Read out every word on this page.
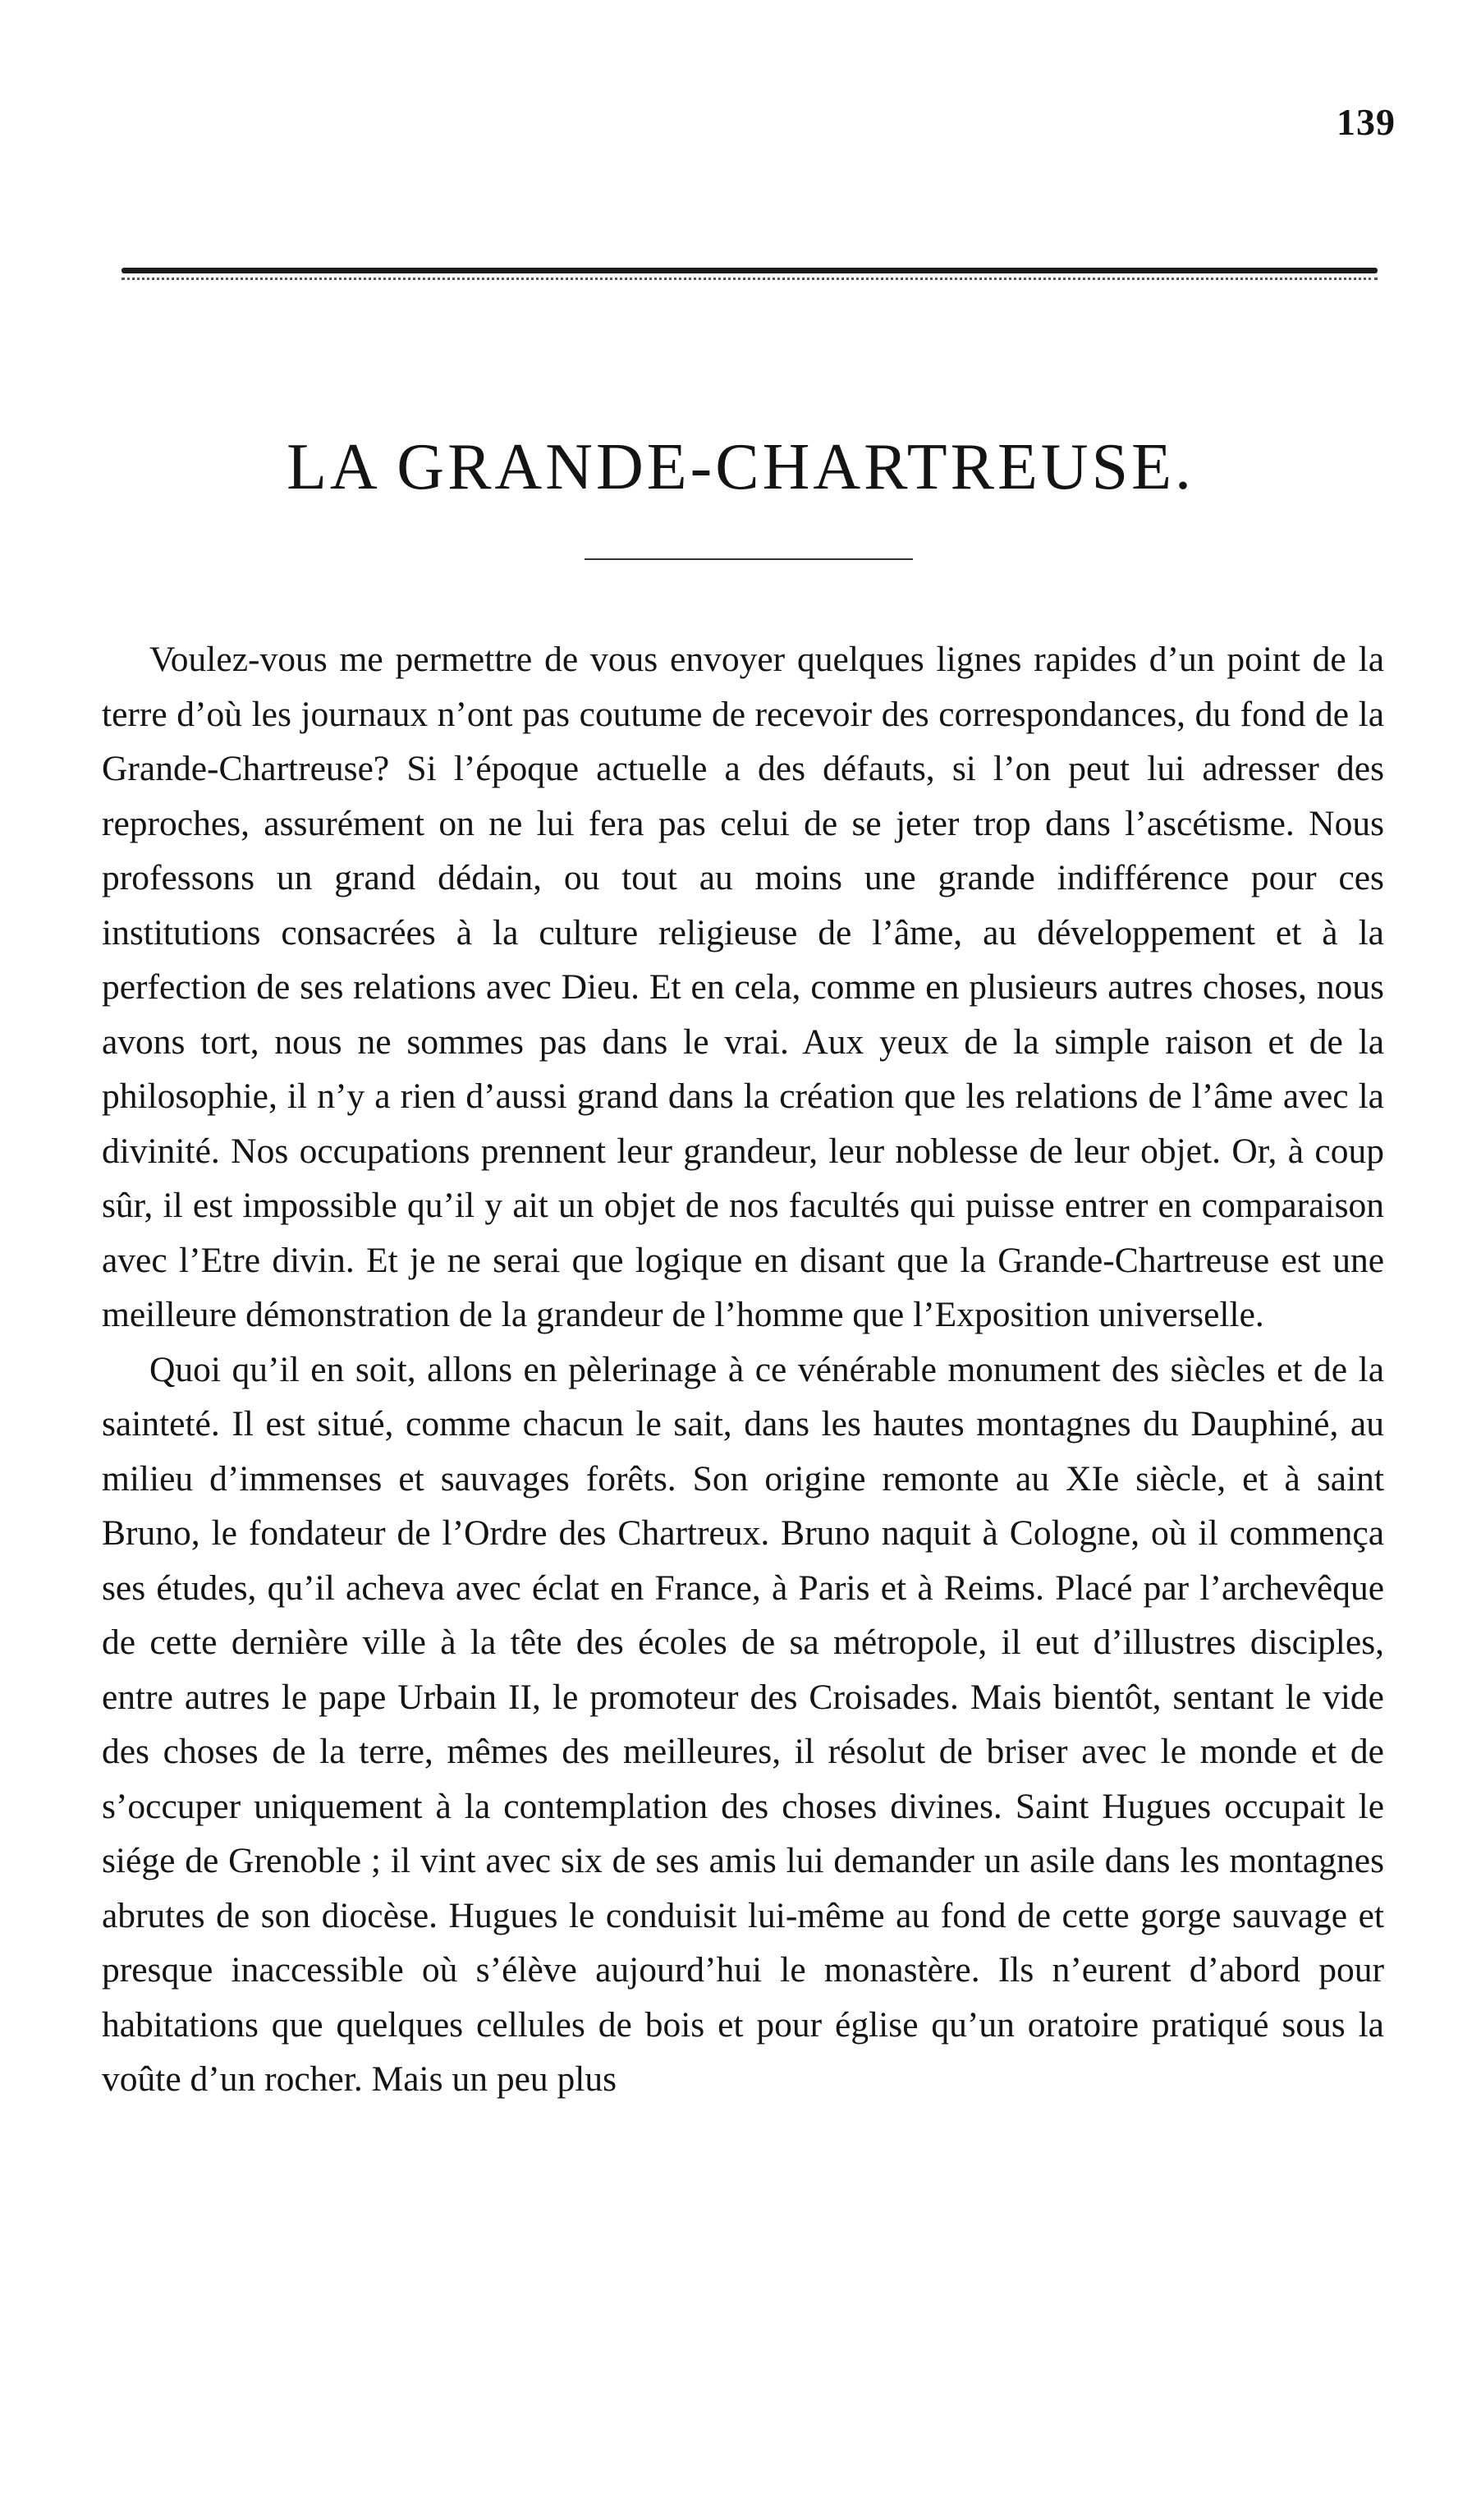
139
LA GRANDE-CHARTREUSE.

Voulez-vous me permettre de vous envoyer quelques lignes rapides d’un point de la terre d’où les journaux n’ont pas coutume de recevoir des correspondances, du fond de la Grande-Chartreuse? Si l’époque actuelle a des défauts, si l’on peut lui adresser des reproches, assurément on ne lui fera pas celui de se jeter trop dans l’ascétisme. Nous professons un grand dédain, ou tout au moins une grande indifférence pour ces institutions consacrées à la culture religieuse de l’âme, au développement et à la perfection de ses relations avec Dieu. Et en cela, comme en plusieurs autres choses, nous avons tort, nous ne sommes pas dans le vrai. Aux yeux de la simple raison et de la philosophie, il n’y a rien d’aussi grand dans la création que les relations de l’âme avec la divinité. Nos occupations prennent leur grandeur, leur noblesse de leur objet. Or, à coup sûr, il est impossible qu’il y ait un objet de nos facultés qui puisse entrer en comparaison avec l’Etre divin. Et je ne serai que logique en disant que la Grande-Chartreuse est une meilleure démonstration de la grandeur de l’homme que l’Exposition universelle.

Quoi qu’il en soit, allons en pèlerinage à ce vénérable monument des siècles et de la sainteté. Il est situé, comme chacun le sait, dans les hautes montagnes du Dauphiné, au milieu d’immenses et sauvages forêts. Son origine remonte au XIe siècle, et à saint Bruno, le fondateur de l’Ordre des Chartreux. Bruno naquit à Cologne, où il commença ses études, qu’il acheva avec éclat en France, à Paris et à Reims. Placé par l’archevêque de cette dernière ville à la tête des écoles de sa métropole, il eut d’illustres disciples, entre autres le pape Urbain II, le promoteur des Croisades. Mais bientôt, sentant le vide des choses de la terre, mêmes des meilleures, il résolut de briser avec le monde et de s’occuper uniquement à la contemplation des choses divines. Saint Hugues occupait le siége de Grenoble ; il vint avec six de ses amis lui demander un asile dans les montagnes abrutes de son diocèse. Hugues le conduisit lui-même au fond de cette gorge sauvage et presque inaccessible où s’élève aujourd’hui le monastère. Ils n’eurent d’abord pour habitations que quelques cellules de bois et pour église qu’un oratoire pratiqué sous la voûte d’un rocher. Mais un peu plus
